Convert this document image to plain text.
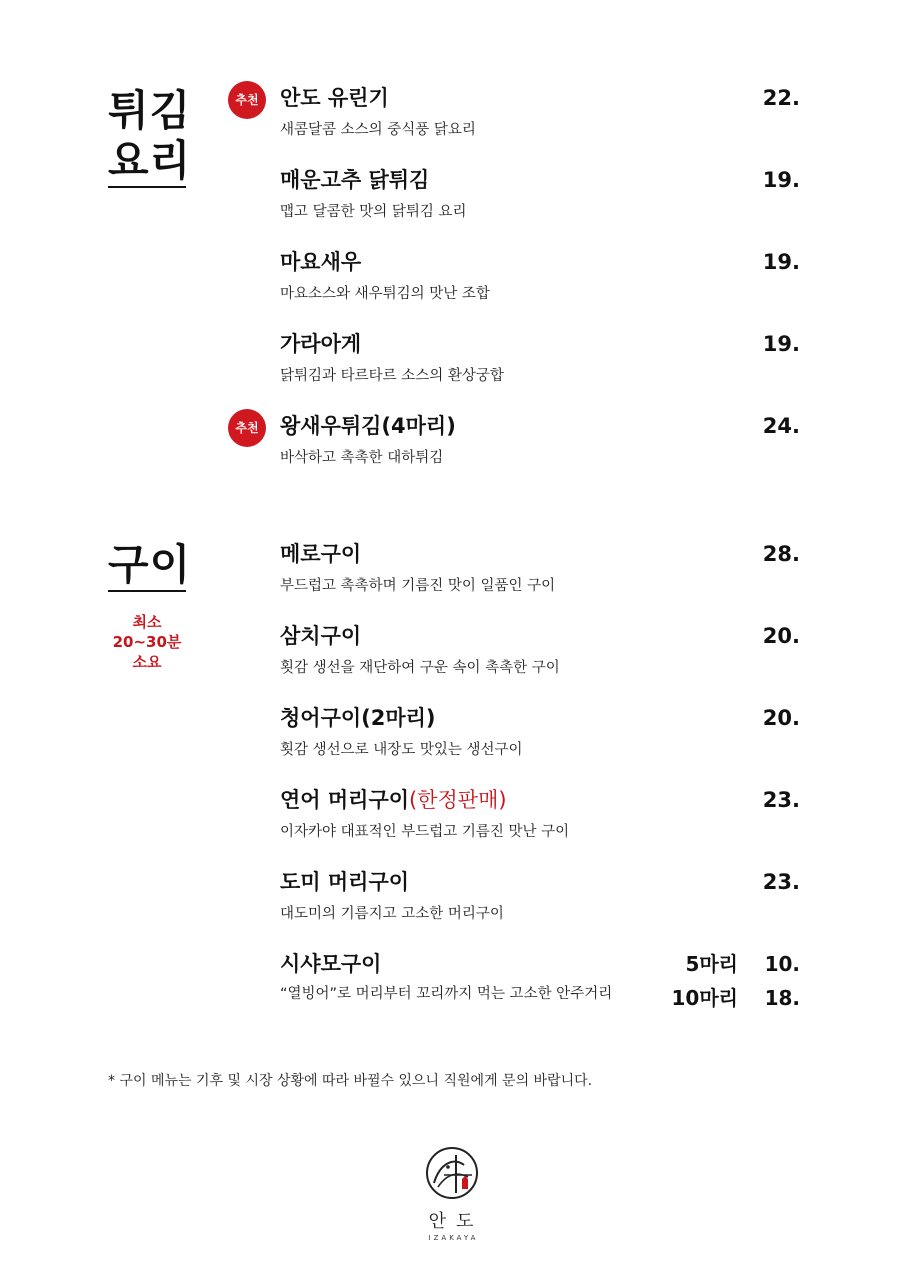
튀김
요리
추천	안도 유린기
새콤달콤 소스의 중식풍 닭요리
22.
매운고추 닭튀김
맵고 달콤한 맛의 닭튀김 요리
19.
마요새우
마요소스와 새우튀김의 맛난 조합
19.
가라아게
닭튀김과 타르타르 소스의 환상궁합
19.
추천	왕새우튀김(4마리)
바삭하고 촉촉한 대하튀김
24.
구이
최소
20~30분
소요
메로구이
부드럽고 촉촉하며 기름진 맛이 일품인 구이
28.
삼치구이
횟감 생선을 재단하여 구운 속이 촉촉한 구이
20.
청어구이(2마리)
횟감 생선으로 내장도 맛있는 생선구이
20.
연어 머리구이(한정판매)
이자카야 대표적인 부드럽고 기름진 맛난 구이
23.
도미 머리구이
대도미의 기름지고 고소한 머리구이
23.
시샤모구이
“열빙어”로 머리부터 꼬리까지 먹는 고소한 안주거리
5마리 10.
10마리 18.
* 구이 메뉴는 기후 및 시장 상황에 따라 바뀔수 있으니 직원에게 문의 바랍니다.
안도
IZAKAYA
